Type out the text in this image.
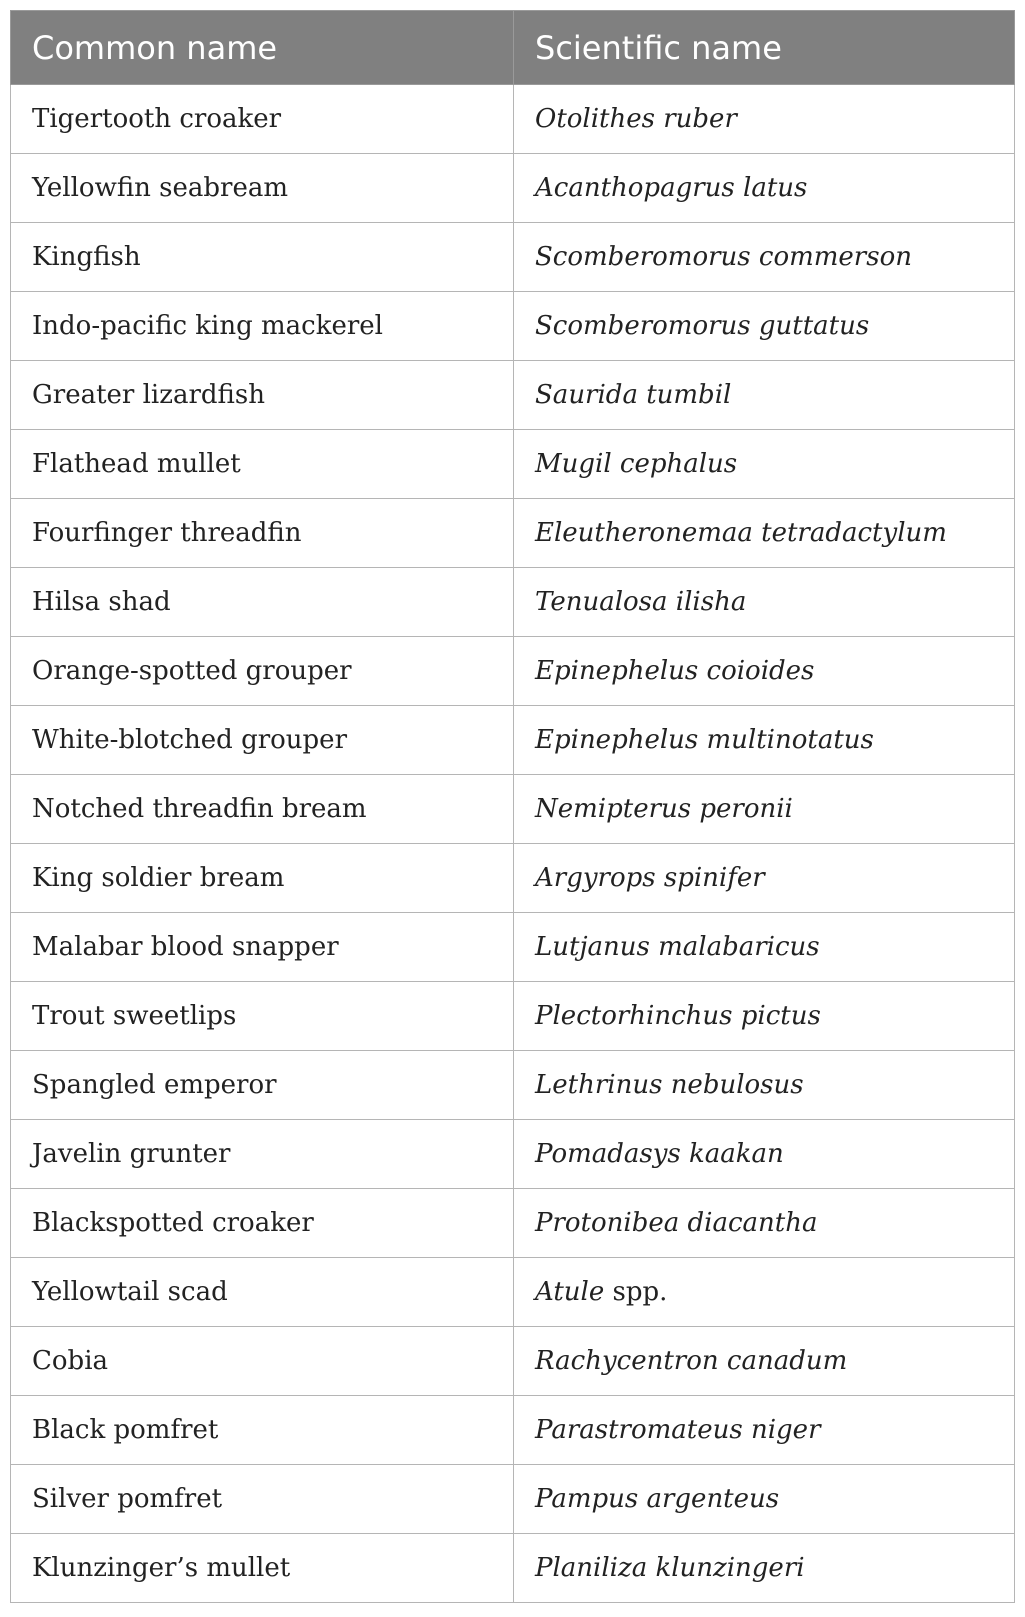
Common name	Scientific name
Tigertooth croaker	Otolithes ruber
Yellowfin seabream	Acanthopagrus latus
Kingfish	Scomberomorus commerson
Indo-pacific king mackerel	Scomberomorus guttatus
Greater lizardfish	Saurida tumbil
Flathead mullet	Mugil cephalus
Fourfinger threadfin	Eleutheronemaa tetradactylum
Hilsa shad	Tenualosa ilisha
Orange-spotted grouper	Epinephelus coioides
White-blotched grouper	Epinephelus multinotatus
Notched threadfin bream	Nemipterus peronii
King soldier bream	Argyrops spinifer
Malabar blood snapper	Lutjanus malabaricus
Trout sweetlips	Plectorhinchus pictus
Spangled emperor	Lethrinus nebulosus
Javelin grunter	Pomadasys kaakan
Blackspotted croaker	Protonibea diacantha
Yellowtail scad	Atule spp.
Cobia	Rachycentron canadum
Black pomfret	Parastromateus niger
Silver pomfret	Pampus argenteus
Klunzinger’s mullet	Planiliza klunzingeri
